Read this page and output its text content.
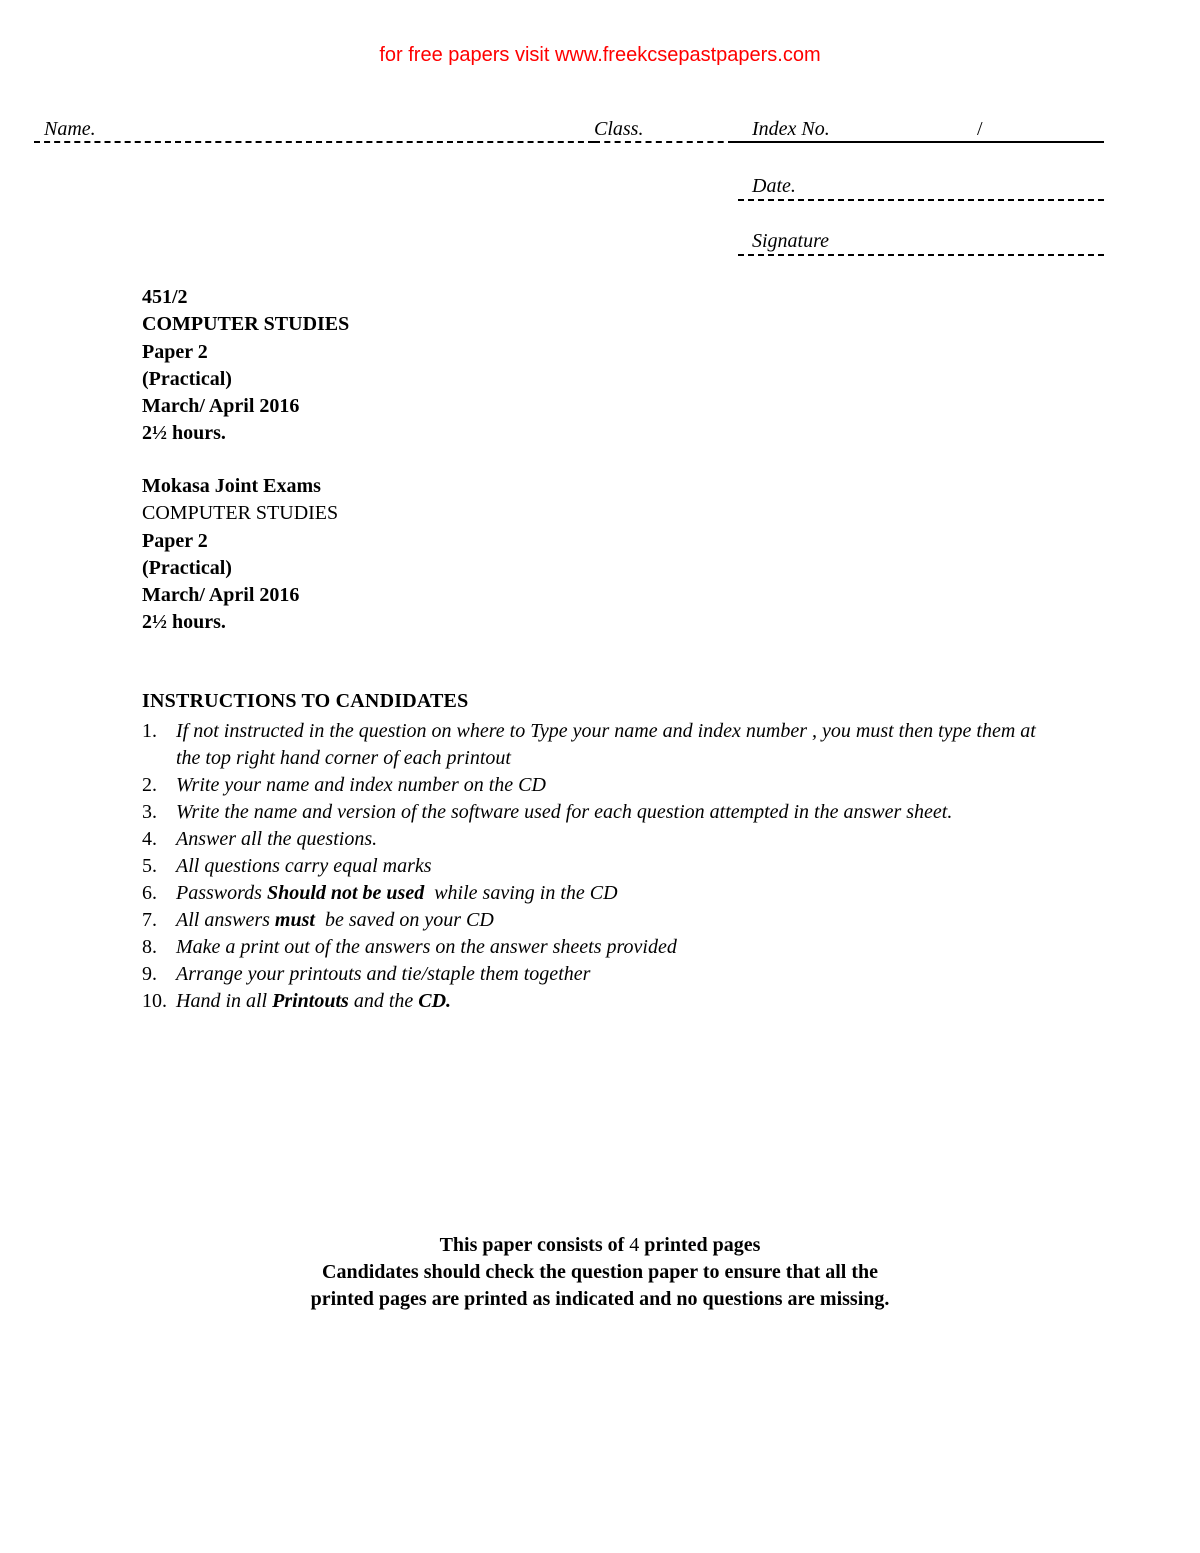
for free papers visit www.freekcsepastpapers.com
Name.	Class.	Index No.	/
Date.
Signature
451/2
COMPUTER STUDIES
Paper 2
(Practical)
March/ April 2016
2½ hours.
Mokasa Joint Exams
COMPUTER STUDIES
Paper 2
(Practical)
March/ April 2016
2½ hours.
INSTRUCTIONS TO CANDIDATES
1. If not instructed in the question on where to Type your name and index number , you must then type them at the top right hand corner of each printout
2. Write your name and index number on the CD
3. Write the name and version of the software used for each question attempted in the answer sheet.
4. Answer all the questions.
5. All questions carry equal marks
6. Passwords Should not be used  while saving in the CD
7. All answers must  be saved on your CD
8. Make a print out of the answers on the answer sheets provided
9. Arrange your printouts and tie/staple them together
10. Hand in all Printouts and the CD.
This paper consists of 4 printed pages
Candidates should check the question paper to ensure that all the
printed pages are printed as indicated and no questions are missing.
